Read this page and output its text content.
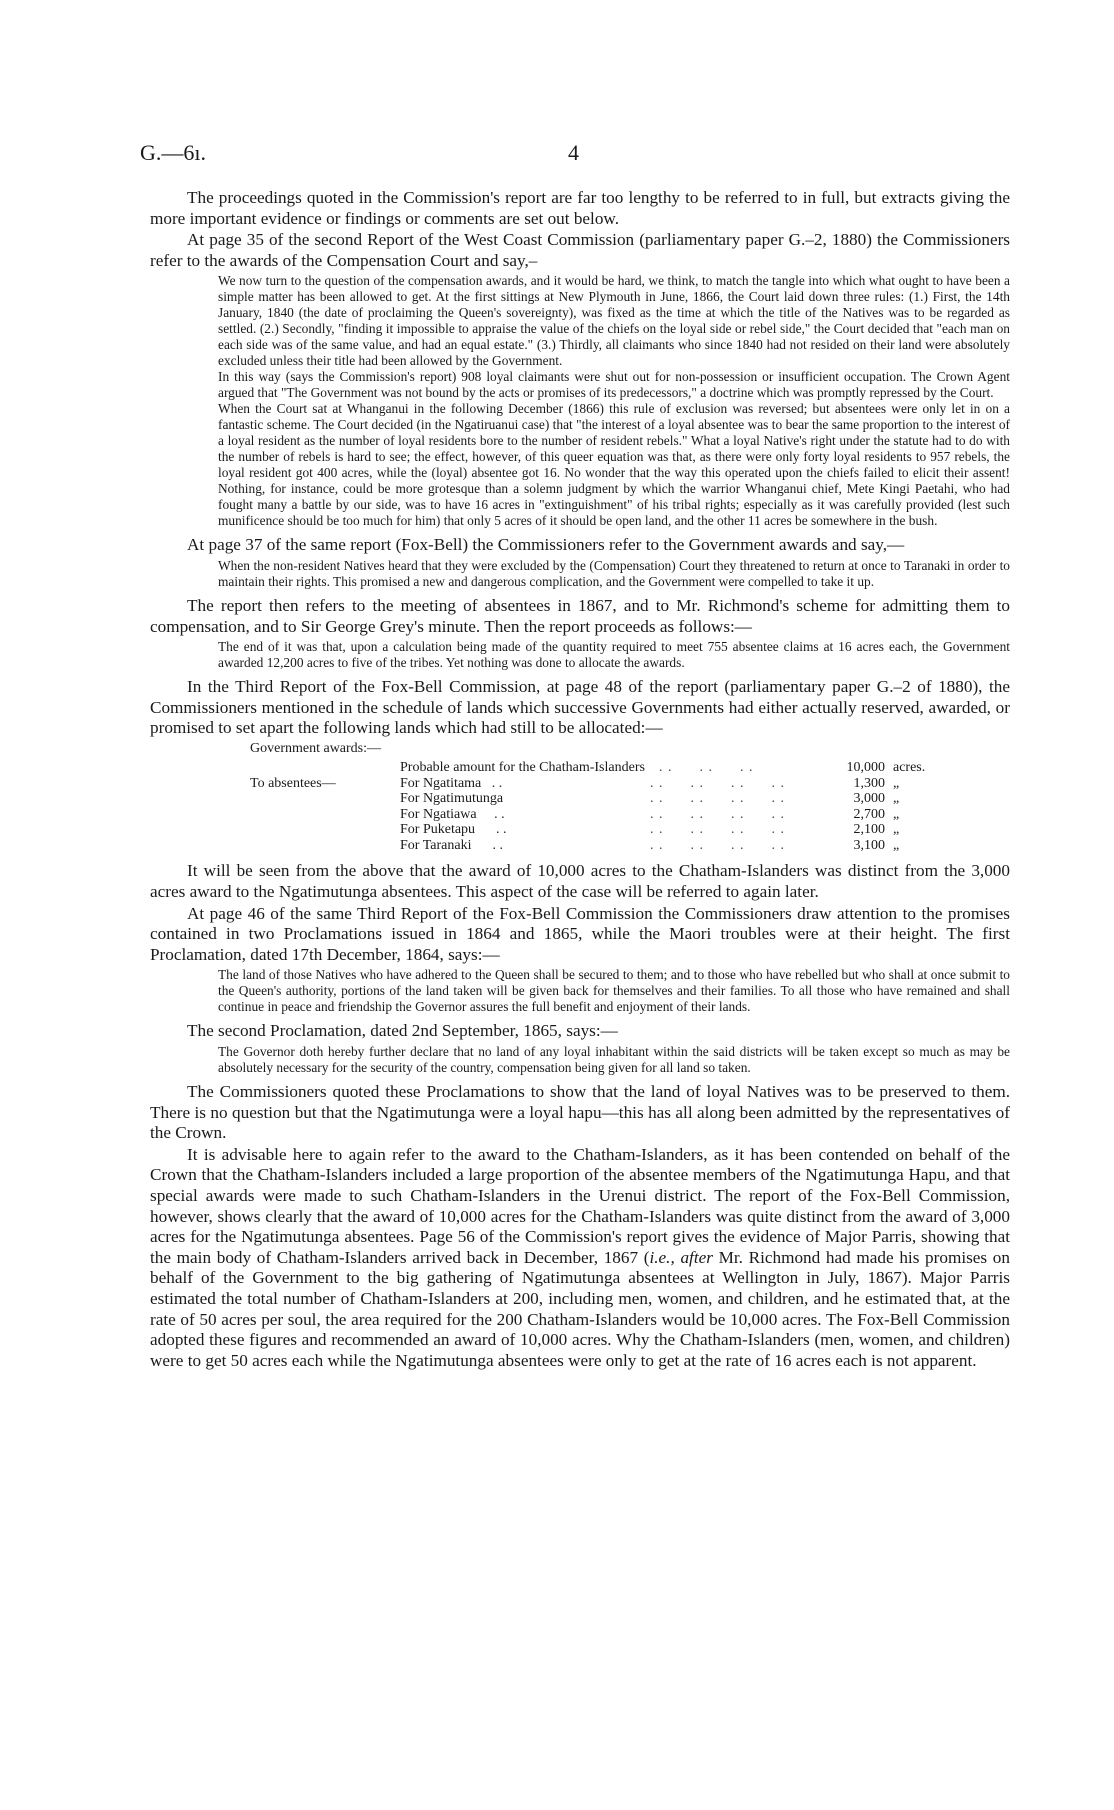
G.—6ı.	4

The proceedings quoted in the Commission's report are far too lengthy to be referred to in full, but extracts giving the more important evidence or findings or comments are set out below.

At page 35 of the second Report of the West Coast Commission (parliamentary paper G.–2, 1880) the Commissioners refer to the awards of the Compensation Court and say,–

We now turn to the question of the compensation awards, and it would be hard, we think, to match the tangle into which what ought to have been a simple matter has been allowed to get. At the first sittings at New Plymouth in June, 1866, the Court laid down three rules: (1.) First, the 14th January, 1840 (the date of proclaiming the Queen's sovereignty), was fixed as the time at which the title of the Natives was to be regarded as settled. (2.) Secondly, "finding it impossible to appraise the value of the chiefs on the loyal side or rebel side," the Court decided that "each man on each side was of the same value, and had an equal estate." (3.) Thirdly, all claimants who since 1840 had not resided on their land were absolutely excluded unless their title had been allowed by the Government.

In this way (says the Commission's report) 908 loyal claimants were shut out for non-possession or insufficient occupation. The Crown Agent argued that "The Government was not bound by the acts or promises of its predecessors," a doctrine which was promptly repressed by the Court.

When the Court sat at Whanganui in the following December (1866) this rule of exclusion was reversed; but absentees were only let in on a fantastic scheme. The Court decided (in the Ngatiruanui case) that "the interest of a loyal absentee was to bear the same proportion to the interest of a loyal resident as the number of loyal residents bore to the number of resident rebels." What a loyal Native's right under the statute had to do with the number of rebels is hard to see; the effect, however, of this queer equation was that, as there were only forty loyal residents to 957 rebels, the loyal resident got 400 acres, while the (loyal) absentee got 16. No wonder that the way this operated upon the chiefs failed to elicit their assent! Nothing, for instance, could be more grotesque than a solemn judgment by which the warrior Whanganui chief, Mete Kingi Paetahi, who had fought many a battle by our side, was to have 16 acres in "extinguishment" of his tribal rights; especially as it was carefully provided (lest such munificence should be too much for him) that only 5 acres of it should be open land, and the other 11 acres be somewhere in the bush.

At page 37 of the same report (Fox-Bell) the Commissioners refer to the Government awards and say,—

When the non-resident Natives heard that they were excluded by the (Compensation) Court they threatened to return at once to Taranaki in order to maintain their rights. This promised a new and dangerous complication, and the Government were compelled to take it up.

The report then refers to the meeting of absentees in 1867, and to Mr. Richmond's scheme for admitting them to compensation, and to Sir George Grey's minute. Then the report proceeds as follows:—

The end of it was that, upon a calculation being made of the quantity required to meet 755 absentee claims at 16 acres each, the Government awarded 12,200 acres to five of the tribes. Yet nothing was done to allocate the awards.

In the Third Report of the Fox-Bell Commission, at page 48 of the report (parliamentary paper G.–2 of 1880), the Commissioners mentioned in the schedule of lands which successive Governments had either actually reserved, awarded, or promised to set apart the following lands which had still to be allocated:—

Government awards:—
	Probable amount for the Chatham-Islanders	. .      . .      . .	10,000	acres.
To absentees—	For Ngatitama   . .	. .      . .      . .      . .	1,300	„
	For Ngatimutunga	. .      . .      . .      . .	3,000	„
	For Ngatiawa     . .	. .      . .      . .      . .	2,700	„
	For Puketapu      . .	. .      . .      . .      . .	2,100	„
	For Taranaki      . .	. .      . .      . .      . .	3,100	„

It will be seen from the above that the award of 10,000 acres to the Chatham-Islanders was distinct from the 3,000 acres award to the Ngatimutunga absentees. This aspect of the case will be referred to again later.

At page 46 of the same Third Report of the Fox-Bell Commission the Commissioners draw attention to the promises contained in two Proclamations issued in 1864 and 1865, while the Maori troubles were at their height. The first Proclamation, dated 17th December, 1864, says:—

The land of those Natives who have adhered to the Queen shall be secured to them; and to those who have rebelled but who shall at once submit to the Queen's authority, portions of the land taken will be given back for themselves and their families. To all those who have remained and shall continue in peace and friendship the Governor assures the full benefit and enjoyment of their lands.

The second Proclamation, dated 2nd September, 1865, says:—

The Governor doth hereby further declare that no land of any loyal inhabitant within the said districts will be taken except so much as may be absolutely necessary for the security of the country, compensation being given for all land so taken.

The Commissioners quoted these Proclamations to show that the land of loyal Natives was to be preserved to them. There is no question but that the Ngatimutunga were a loyal hapu—this has all along been admitted by the representatives of the Crown.

It is advisable here to again refer to the award to the Chatham-Islanders, as it has been contended on behalf of the Crown that the Chatham-Islanders included a large proportion of the absentee members of the Ngatimutunga Hapu, and that special awards were made to such Chatham-Islanders in the Urenui district. The report of the Fox-Bell Commission, however, shows clearly that the award of 10,000 acres for the Chatham-Islanders was quite distinct from the award of 3,000 acres for the Ngatimutunga absentees. Page 56 of the Commission's report gives the evidence of Major Parris, showing that the main body of Chatham-Islanders arrived back in December, 1867 (i.e., after Mr. Richmond had made his promises on behalf of the Government to the big gathering of Ngatimutunga absentees at Wellington in July, 1867). Major Parris estimated the total number of Chatham-Islanders at 200, including men, women, and children, and he estimated that, at the rate of 50 acres per soul, the area required for the 200 Chatham-Islanders would be 10,000 acres. The Fox-Bell Commission adopted these figures and recommended an award of 10,000 acres. Why the Chatham-Islanders (men, women, and children) were to get 50 acres each while the Ngatimutunga absentees were only to get at the rate of 16 acres each is not apparent.
